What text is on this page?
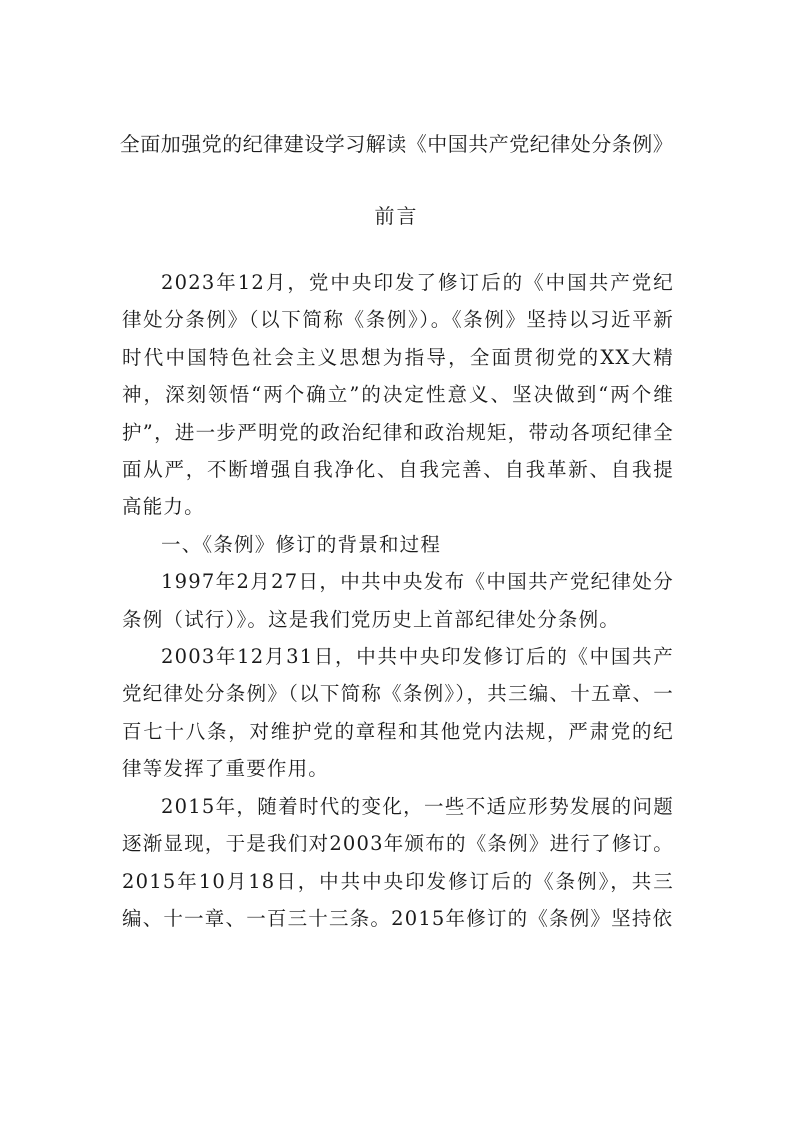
全面加强党的纪律建设学习解读《中国共产党纪律处分条例》
前言

2023年12月，党中央印发了修订后的《中国共产党纪律处分条例》（以下简称《条例》）。《条例》坚持以习近平新时代中国特色社会主义思想为指导，全面贯彻党的XX大精神，深刻领悟“两个确立”的决定性意义、坚决做到“两个维护”，进一步严明党的政治纪律和政治规矩，带动各项纪律全面从严，不断增强自我净化、自我完善、自我革新、自我提高能力。

一、《条例》修订的背景和过程

1997年2月27日，中共中央发布《中国共产党纪律处分条例（试行）》。这是我们党历史上首部纪律处分条例。

2003年12月31日，中共中央印发修订后的《中国共产党纪律处分条例》（以下简称《条例》），共三编、十五章、一百七十八条，对维护党的章程和其他党内法规，严肃党的纪律等发挥了重要作用。

2015年，随着时代的变化，一些不适应形势发展的问题逐渐显现，于是我们对2003年颁布的《条例》进行了修订。2015年10月18日，中共中央印发修订后的《条例》，共三编、十一章、一百三十三条。2015年修订的《条例》坚持依
